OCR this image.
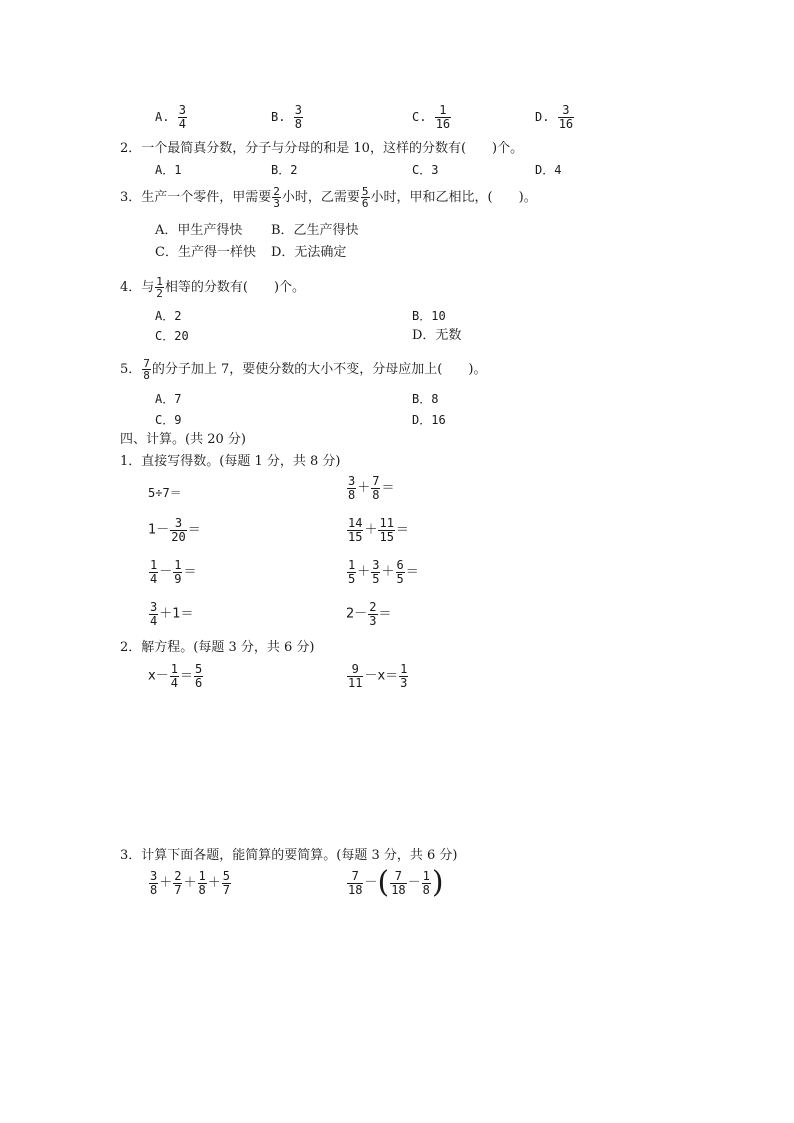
A. $\frac{3}{4}$	B. $\frac{3}{8}$	C. $\frac{1}{16}$	D. $\frac{3}{16}$
2．一个最简真分数，分子与分母的和是 10，这样的分数有(　　)个。
A．1	B．2	C．3	D．4
3．生产一个零件，甲需要 $\frac{2}{3}$ 小时，乙需要 $\frac{5}{6}$ 小时，甲和乙相比，(　　)。
A．甲生产得快 B．乙生产得快
C．生产得一样快 D．无法确定
4．与 $\frac{1}{2}$ 相等的分数有(　　)个。
A．2	B．10
C．20	D．无数
5． $\frac{7}{8}$ 的分子加上 7，要使分数的大小不变，分母应加上(　　)。
A．7	B．8
C．9	D．16
四、计算。(共 20 分)
1．直接写得数。(每题 1 分，共 8 分)
5÷7＝	$\frac{3}{8} + \frac{7}{8}$ ＝
$1- \frac{3}{20}$ ＝	$\frac{14}{15} + \frac{11}{15}$ ＝
$\frac{1}{4} - \frac{1}{9}$ ＝	$\frac{1}{5} + \frac{3}{5} + \frac{6}{5}$ ＝
$\frac{3}{4} +1=$	$2- \frac{2}{3}$ ＝
2．解方程。(每题 3 分，共 6 分)
$x- \frac{1}{4} = \frac{5}{6}$	$\frac{9}{11} -x= \frac{1}{3}$
3．计算下面各题，能简算的要简算。(每题 3 分，共 6 分)
$\frac{3}{8} + \frac{2}{7} + \frac{1}{8} + \frac{5}{7}$	$\frac{7}{18}$ －( $\frac{7}{18} - \frac{1}{8}$ )
